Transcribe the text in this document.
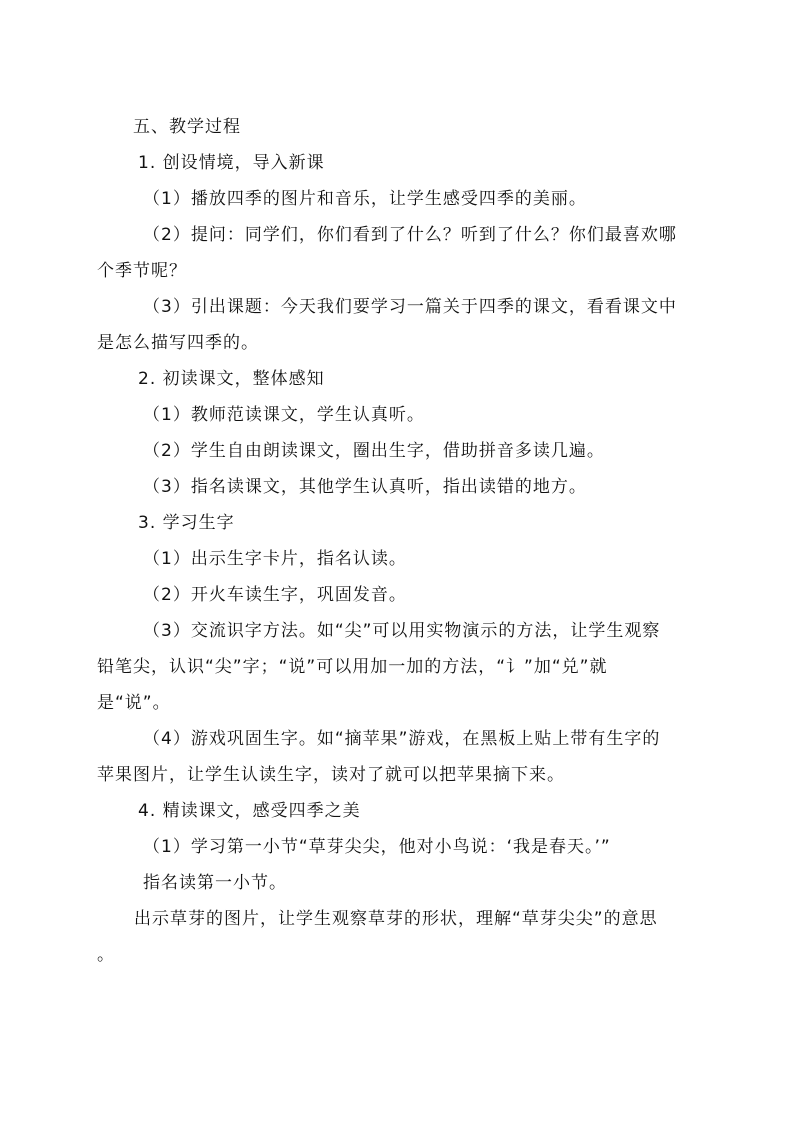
五、教学过程
1. 创设情境，导入新课
（1）播放四季的图片和音乐，让学生感受四季的美丽。
（2）提问：同学们，你们看到了什么？听到了什么？你们最喜欢哪
个季节呢？
（3）引出课题：今天我们要学习一篇关于四季的课文，看看课文中
是怎么描写四季的。
2. 初读课文，整体感知
（1）教师范读课文，学生认真听。
（2）学生自由朗读课文，圈出生字，借助拼音多读几遍。
（3）指名读课文，其他学生认真听，指出读错的地方。
3. 学习生字
（1）出示生字卡片，指名认读。
（2）开火车读生字，巩固发音。
（3）交流识字方法。如“尖”可以用实物演示的方法，让学生观察
铅笔尖，认识“尖”字；“说”可以用加一加的方法，“讠”加“兑”就
是“说”。
（4）游戏巩固生字。如“摘苹果”游戏，在黑板上贴上带有生字的
苹果图片，让学生认读生字，读对了就可以把苹果摘下来。
4. 精读课文，感受四季之美
（1）学习第一小节“草芽尖尖，他对小鸟说：‘我是春天。’”
指名读第一小节。
出示草芽的图片，让学生观察草芽的形状，理解“草芽尖尖”的意思
。
